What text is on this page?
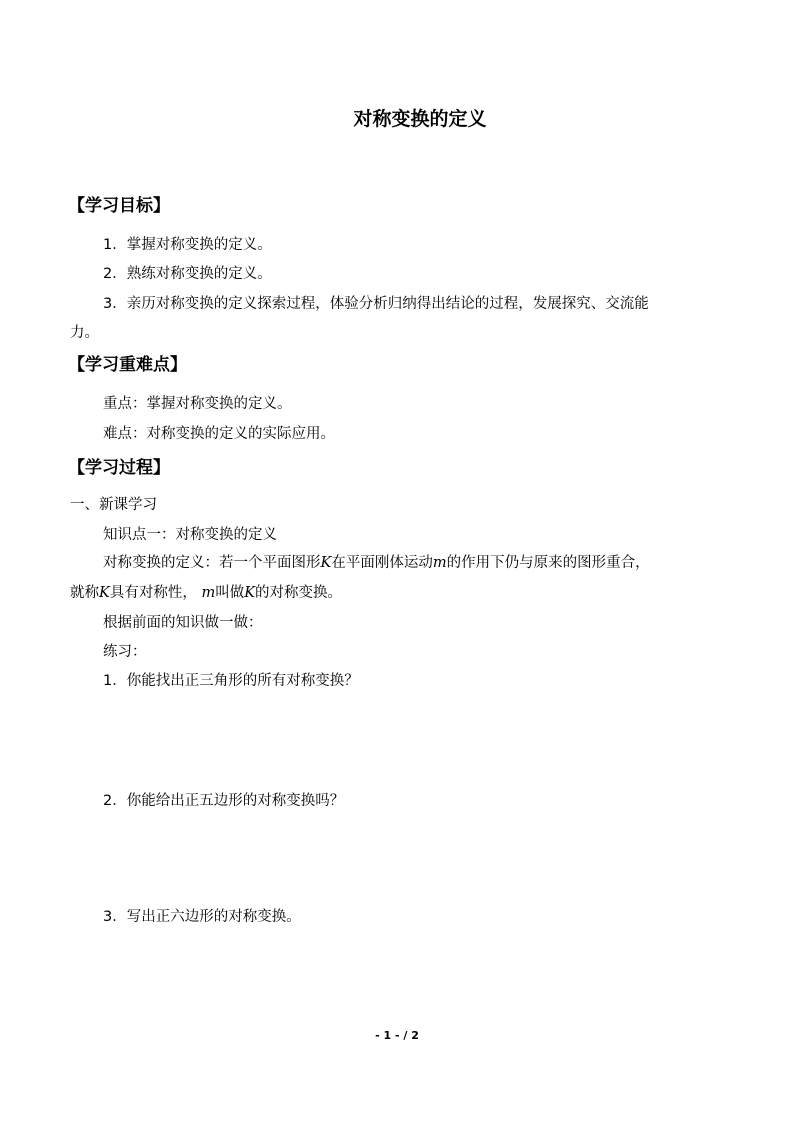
对称变换的定义
【学习目标】
1．掌握对称变换的定义。
2．熟练对称变换的定义。
3．亲历对称变换的定义探索过程，体验分析归纳得出结论的过程，发展探究、交流能
力。
【学习重难点】
重点：掌握对称变换的定义。
难点：对称变换的定义的实际应用。
【学习过程】
一、新课学习
知识点一：对称变换的定义
对称变换的定义：若一个平面图形K在平面刚体运动m的作用下仍与原来的图形重合，
就称K具有对称性， m叫做K的对称变换。
根据前面的知识做一做：
练习：
1．你能找出正三角形的所有对称变换？
2．你能给出正五边形的对称变换吗？
3．写出正六边形的对称变换。
- 1 - / 2
